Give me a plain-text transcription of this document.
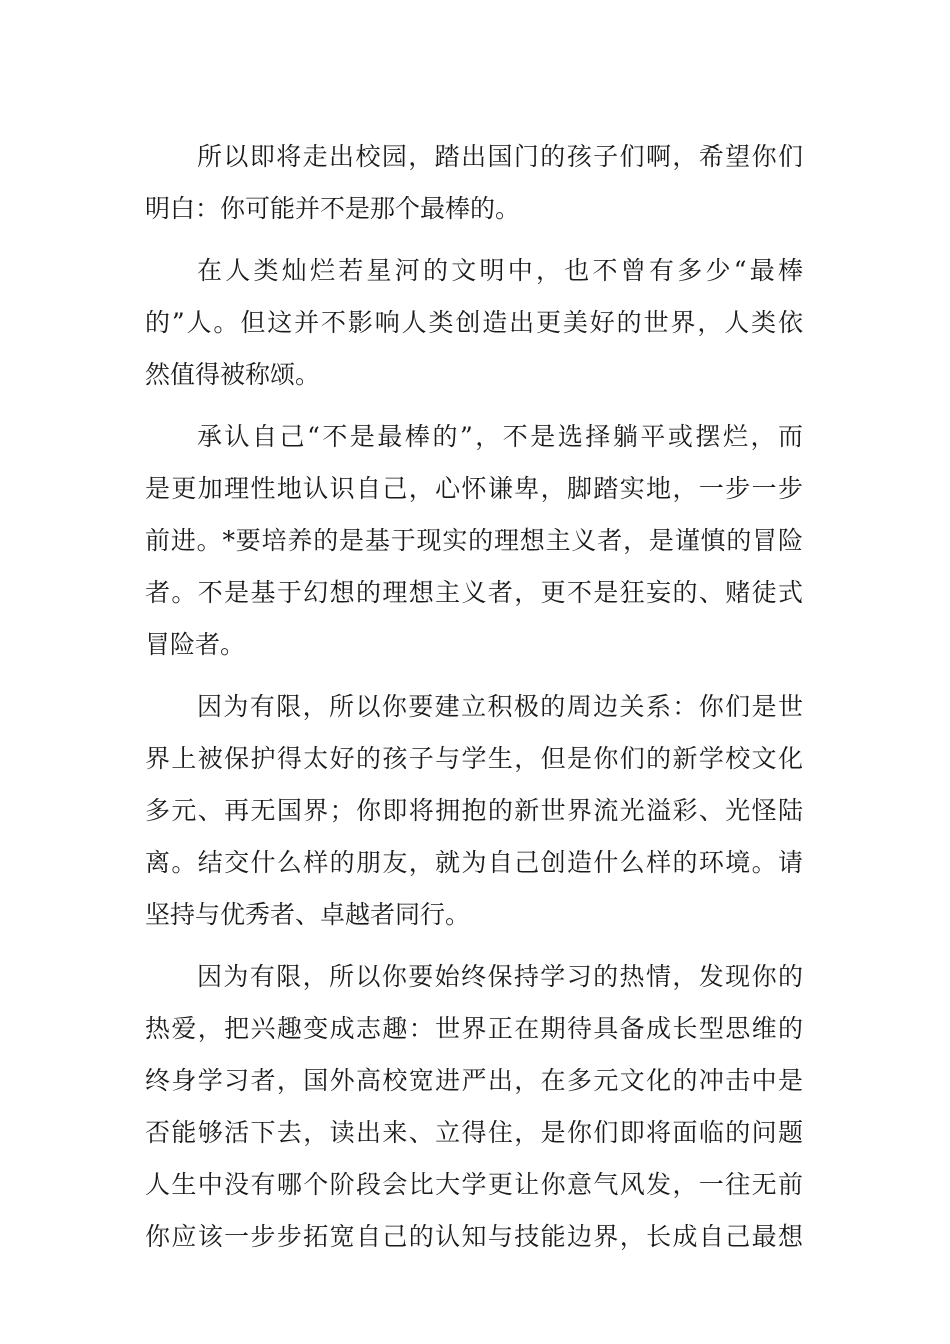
所以即将走出校园，踏出国门的孩子们啊，希望你们
明白：你可能并不是那个最棒的。
在人类灿烂若星河的文明中，也不曾有多少“最棒
的”人。但这并不影响人类创造出更美好的世界，人类依
然值得被称颂。
承认自己“不是最棒的”，不是选择躺平或摆烂，而
是更加理性地认识自己，心怀谦卑，脚踏实地，一步一步
前进。*要培养的是基于现实的理想主义者，是谨慎的冒险
者。不是基于幻想的理想主义者，更不是狂妄的、赌徒式
冒险者。
因为有限，所以你要建立积极的周边关系：你们是世
界上被保护得太好的孩子与学生，但是你们的新学校文化
多元、再无国界；你即将拥抱的新世界流光溢彩、光怪陆
离。结交什么样的朋友，就为自己创造什么样的环境。请
坚持与优秀者、卓越者同行。
因为有限，所以你要始终保持学习的热情，发现你的
热爱，把兴趣变成志趣：世界正在期待具备成长型思维的
终身学习者，国外高校宽进严出，在多元文化的冲击中是
否能够活下去，读出来、立得住，是你们即将面临的问题
人生中没有哪个阶段会比大学更让你意气风发，一往无前
你应该一步步拓宽自己的认知与技能边界，长成自己最想
